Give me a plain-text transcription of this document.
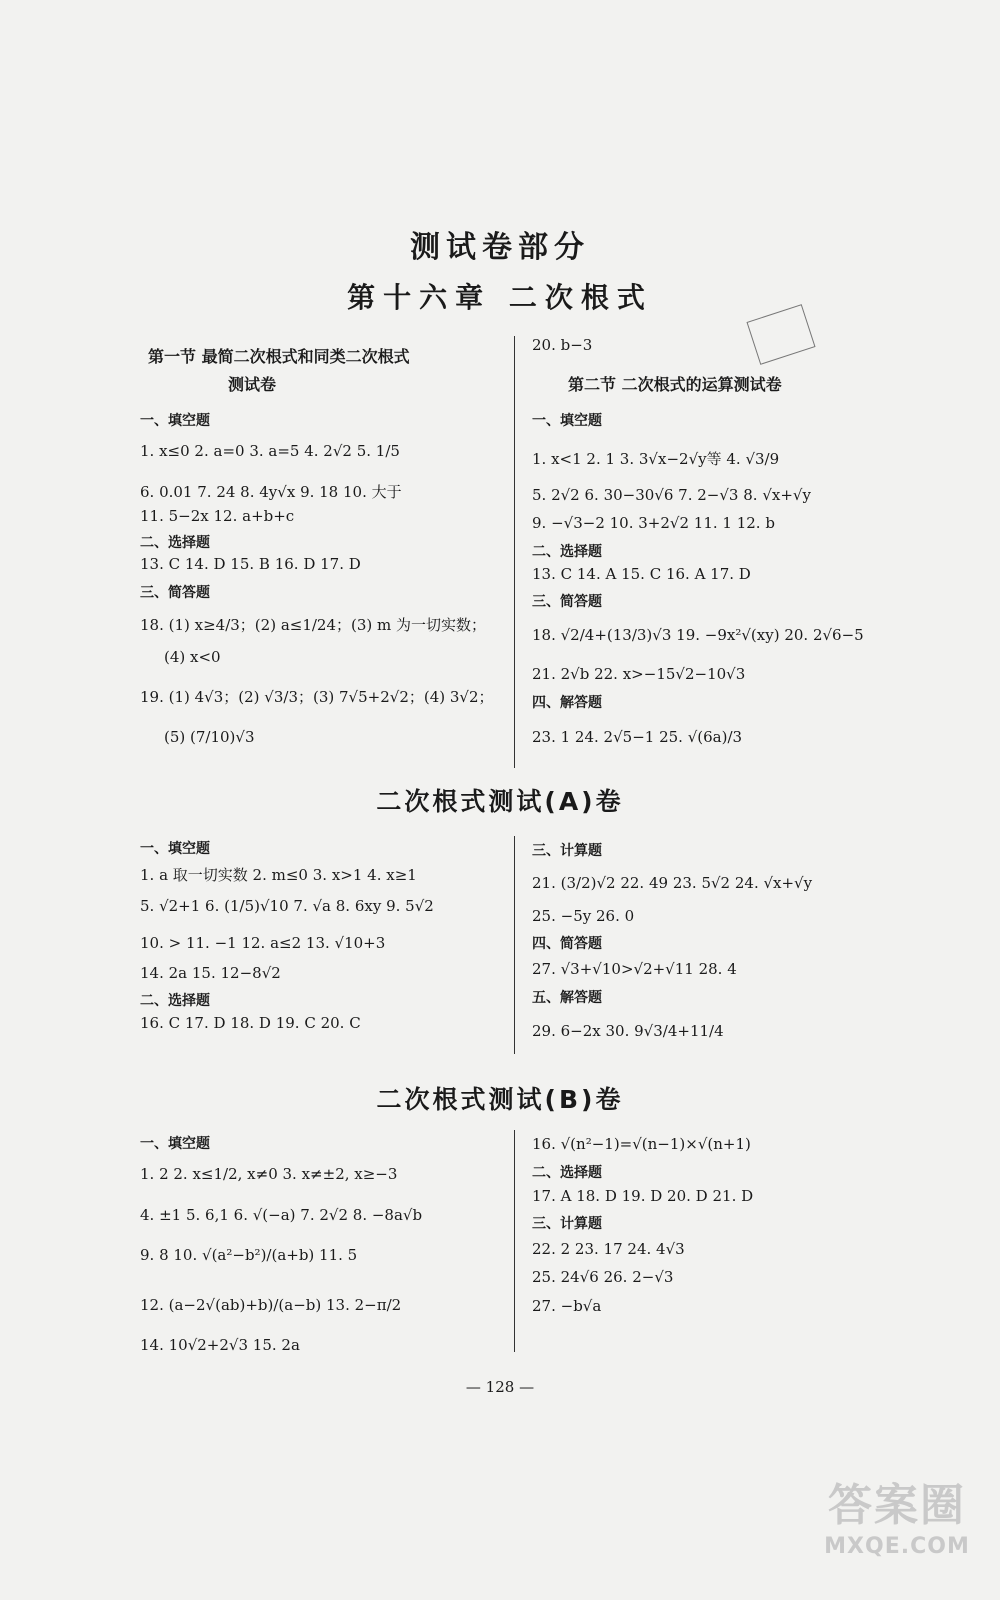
测试卷部分
第十六章 二次根式
第一节 最简二次根式和同类二次根式
测试卷
一、填空题
1. x≤0 2. a=0 3. a=5 4. 2√2 5. 1/5
6. 0.01 7. 24 8. 4y√x 9. 18 10. 大于
11. 5−2x 12. a+b+c
二、选择题
13. C 14. D 15. B 16. D 17. D
三、简答题
18. (1) x≥4/3；(2) a≤1/24；(3) m 为一切实数；
(4) x<0
19. (1) 4√3；(2) √3/3；(3) 7√5+2√2；(4) 3√2；
(5) (7/10)√3
20. b−3
第二节 二次根式的运算测试卷
一、填空题
1. x<1 2. 1 3. 3√x−2√y等 4. √3/9
5. 2√2 6. 30−30√6 7. 2−√3 8. √x+√y
9. −√3−2 10. 3+2√2 11. 1 12. b
二、选择题
13. C 14. A 15. C 16. A 17. D
三、简答题
18. √2/4+(13/3)√3 19. −9x²√(xy) 20. 2√6−5
21. 2√b 22. x>−15√2−10√3
四、解答题
23. 1 24. 2√5−1 25. √(6a)/3
二次根式测试(A)卷
一、填空题
1. a 取一切实数 2. m≤0 3. x>1 4. x≥1
5. √2+1 6. (1/5)√10 7. √a 8. 6xy 9. 5√2
10. > 11. −1 12. a≤2 13. √10+3
14. 2a 15. 12−8√2
二、选择题
16. C 17. D 18. D 19. C 20. C
三、计算题
21. (3/2)√2 22. 49 23. 5√2 24. √x+√y
25. −5y 26. 0
四、简答题
27. √3+√10>√2+√11 28. 4
五、解答题
29. 6−2x 30. 9√3/4+11/4
二次根式测试(B)卷
一、填空题
1. 2 2. x≤1/2, x≠0 3. x≠±2, x≥−3
4. ±1 5. 6,1 6. √(−a) 7. 2√2 8. −8a√b
9. 8 10. √(a²−b²)/(a+b) 11. 5
12. (a−2√(ab)+b)/(a−b) 13. 2−π/2
14. 10√2+2√3 15. 2a
16. √(n²−1)=√(n−1)×√(n+1)
二、选择题
17. A 18. D 19. D 20. D 21. D
三、计算题
22. 2 23. 17 24. 4√3
25. 24√6 26. 2−√3
27. −b√a
— 128 —
答案圈
MXQE.COM
